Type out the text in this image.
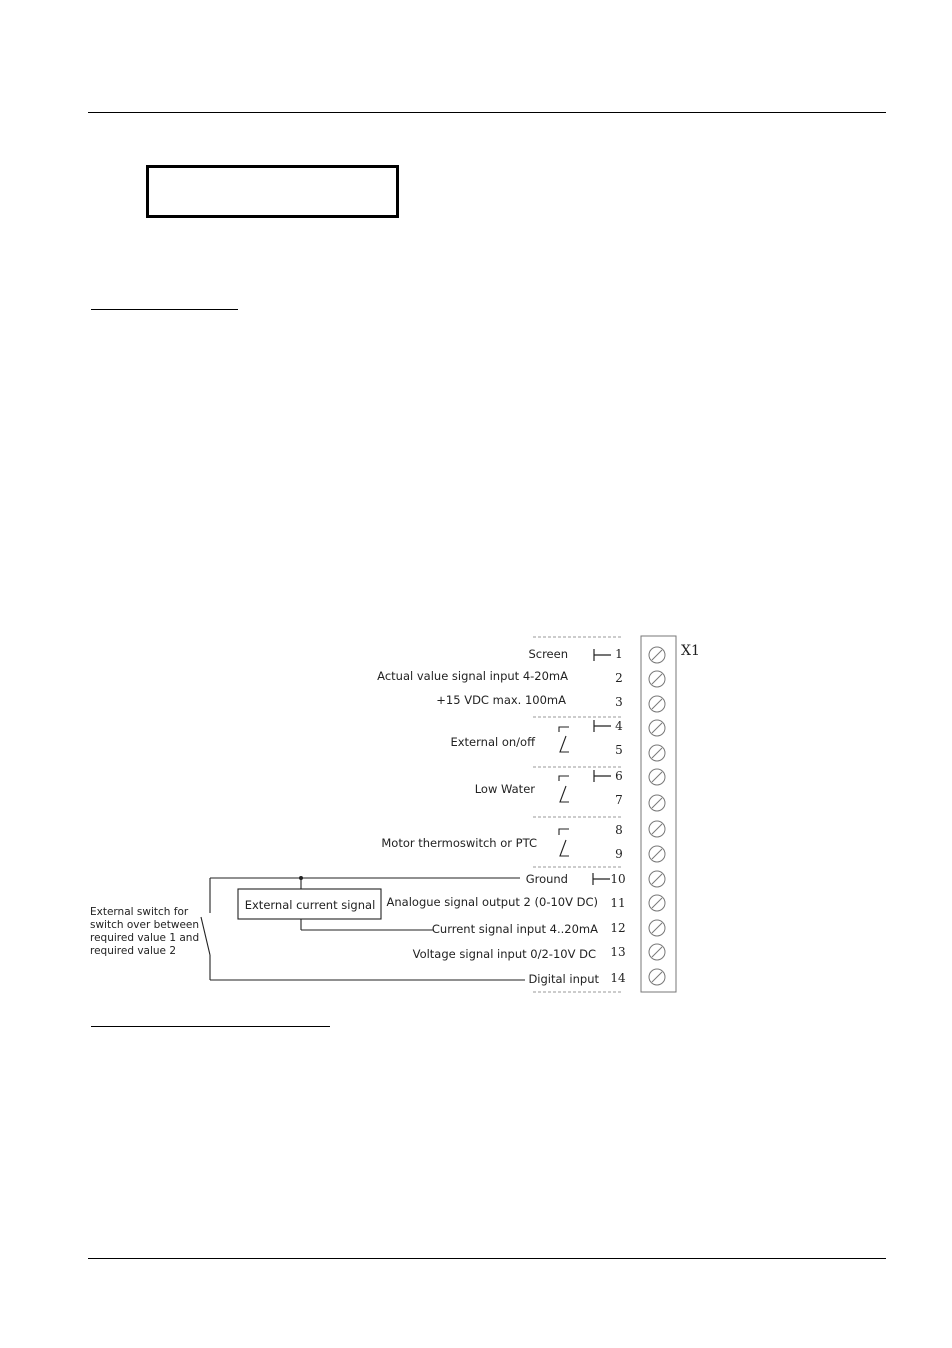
X1
1
2
3
4
5
6
7
8
9
10
11
12
13
14
Screen
Actual value signal input 4-20mA
+15 VDC max. 100mA
Ground
Analogue signal output 2 (0-10V DC)
Current signal input 4..20mA
Voltage signal input 0/2-10V DC
Digital input
External on/off
Low Water
Motor thermoswitch or PTC
External current signal
External switch for
switch over between
required value 1 and
required value 2
